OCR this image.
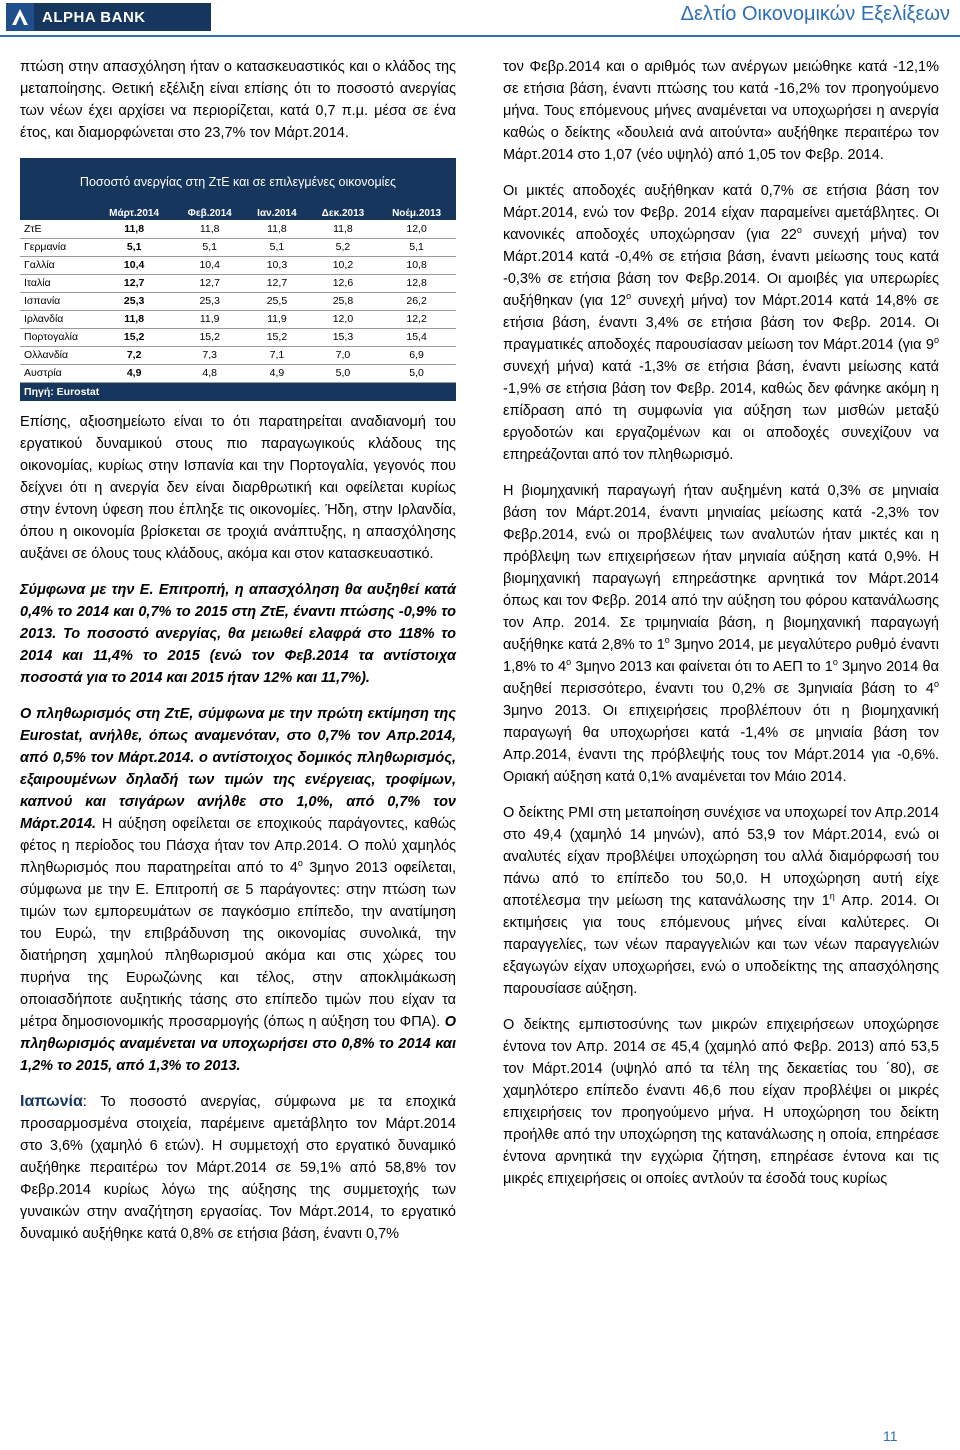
ALPHA BANK	Δελτίο Οικονομικών Εξελίξεων

πτώση στην απασχόληση ήταν ο κατασκευαστικός και ο κλάδος της μεταποίησης. Θετική εξέλιξη είναι επίσης ότι το ποσοστό ανεργίας των νέων έχει αρχίσει να περιορίζεται, κατά 0,7 π.μ. μέσα σε ένα έτος, και διαμορφώνεται στο 23,7% τον Μάρτ.2014.

Ποσοστό ανεργίας στη ΖτΕ και σε επιλεγμένες οικονομίες
	Μάρτ.2014	Φεβ.2014	Ιαν.2014	Δεκ.2013	Νοέμ.2013
ΖτΕ	11,8	11,8	11,8	11,8	12,0
Γερμανία	5,1	5,1	5,1	5,2	5,1
Γαλλία	10,4	10,4	10,3	10,2	10,8
Ιταλία	12,7	12,7	12,7	12,6	12,8
Ισπανία	25,3	25,3	25,5	25,8	26,2
Ιρλανδία	11,8	11,9	11,9	12,0	12,2
Πορτογαλία	15,2	15,2	15,2	15,3	15,4
Ολλανδία	7,2	7,3	7,1	7,0	6,9
Αυστρία	4,9	4,8	4,9	5,0	5,0
Πηγή: Eurostat

Επίσης, αξιοσημείωτο είναι το ότι παρατηρείται αναδιανομή του εργατικού δυναμικού στους πιο παραγωγικούς κλάδους της οικονομίας, κυρίως στην Ισπανία και την Πορτογαλία, γεγονός που δείχνει ότι η ανεργία δεν είναι διαρθρωτική και οφείλεται κυρίως στην έντονη ύφεση που έπληξε τις οικονομίες. Ήδη, στην Ιρλανδία, όπου η οικονομία βρίσκεται σε τροχιά ανάπτυξης, η απασχόλησης αυξάνει σε όλους τους κλάδους, ακόμα και στον κατασκευαστικό.

Σύμφωνα με την Ε. Επιτροπή, η απασχόληση θα αυξηθεί κατά 0,4% το 2014 και 0,7% το 2015 στη ΖτΕ, έναντι πτώσης -0,9% το 2013. Το ποσοστό ανεργίας, θα μειωθεί ελαφρά στο 118% το 2014 και 11,4% το 2015 (ενώ τον Φεβ.2014 τα αντίστοιχα ποσοστά για το 2014 και 2015 ήταν 12% και 11,7%).

Ο πληθωρισμός στη ΖτΕ, σύμφωνα με την πρώτη εκτίμηση της Eurostat, ανήλθε, όπως αναμενόταν, στο 0,7% τον Απρ.2014, από 0,5% τον Μάρτ.2014. ο αντίστοιχος δομικός πληθωρισμός, εξαιρουμένων δηλαδή των τιμών της ενέργειας, τροφίμων, καπνού και τσιγάρων ανήλθε στο 1,0%, από 0,7% τον Μάρτ.2014. Η αύξηση οφείλεται σε εποχικούς παράγοντες, καθώς φέτος η περίοδος του Πάσχα ήταν τον Απρ.2014. Ο πολύ χαμηλός πληθωρισμός που παρατηρείται από το $4^o$ 3μηνο 2013 οφείλεται, σύμφωνα με την Ε. Επιτροπή σε 5 παράγοντες: στην πτώση των τιμών των εμπορευμάτων σε παγκόσμιο επίπεδο, την ανατίμηση του Ευρώ, την επιβράδυνση της οικονομίας συνολικά, την διατήρηση χαμηλού πληθωρισμού ακόμα και στις χώρες του πυρήνα της Ευρωζώνης και τέλος, στην αποκλιμάκωση οποιασδήποτε αυξητικής τάσης στο επίπεδο τιμών που είχαν τα μέτρα δημοσιονομικής προσαρμογής (όπως η αύξηση του ΦΠΑ). Ο πληθωρισμός αναμένεται να υποχωρήσει στο 0,8% το 2014 και 1,2% το 2015, από 1,3% το 2013.

Ιαπωνία: Το ποσοστό ανεργίας, σύμφωνα με τα εποχικά προσαρμοσμένα στοιχεία, παρέμεινε αμετάβλητο τον Μάρτ.2014 στο 3,6% (χαμηλό 6 ετών). Η συμμετοχή στο εργατικό δυναμικό αυξήθηκε περαιτέρω τον Μάρτ.2014 σε 59,1% από 58,8% τον Φεβρ.2014 κυρίως λόγω της αύξησης της συμμετοχής των γυναικών στην αναζήτηση εργασίας. Τον Μάρτ.2014, το εργατικό δυναμικό αυξήθηκε κατά 0,8% σε ετήσια βάση, έναντι 0,7%

τον Φεβρ.2014 και ο αριθμός των ανέργων μειώθηκε κατά -12,1% σε ετήσια βάση, έναντι πτώσης του κατά -16,2% τον προηγούμενο μήνα. Τους επόμενους μήνες αναμένεται να υποχωρήσει η ανεργία καθώς ο δείκτης «δουλειά ανά αιτούντα» αυξήθηκε περαιτέρω τον Μάρτ.2014 στο 1,07 (νέο υψηλό) από 1,05 τον Φεβρ. 2014.

Οι μικτές αποδοχές αυξήθηκαν κατά 0,7% σε ετήσια βάση τον Μάρτ.2014, ενώ τον Φεβρ. 2014 είχαν παραμείνει αμετάβλητες. Οι κανονικές αποδοχές υποχώρησαν (για $22^o$ συνεχή μήνα) τον Μάρτ.2014 κατά -0,4% σε ετήσια βάση, έναντι μείωσης τους κατά -0,3% σε ετήσια βάση τον Φεβρ.2014. Οι αμοιβές για υπερωρίες αυξήθηκαν (για $12^o$ συνεχή μήνα) τον Μάρτ.2014 κατά 14,8% σε ετήσια βάση, έναντι 3,4% σε ετήσια βάση τον Φεβρ. 2014. Οι πραγματικές αποδοχές παρουσίασαν μείωση τον Μάρτ.2014 (για $9^o$ συνεχή μήνα) κατά -1,3% σε ετήσια βάση, έναντι μείωσης κατά -1,9% σε ετήσια βάση τον Φεβρ. 2014, καθώς δεν φάνηκε ακόμη η επίδραση από τη συμφωνία για αύξηση των μισθών μεταξύ εργοδοτών και εργαζομένων και οι αποδοχές συνεχίζουν να επηρεάζονται από τον πληθωρισμό.

Η βιομηχανική παραγωγή ήταν αυξημένη κατά 0,3% σε μηνιαία βάση τον Μάρτ.2014, έναντι μηνιαίας μείωσης κατά -2,3% τον Φεβρ.2014, ενώ οι προβλέψεις των αναλυτών ήταν μικτές και η πρόβλεψη των επιχειρήσεων ήταν μηνιαία αύξηση κατά 0,9%. Η βιομηχανική παραγωγή επηρεάστηκε αρνητικά τον Μάρτ.2014 όπως και τον Φεβρ. 2014 από την αύξηση του φόρου κατανάλωσης τον Απρ. 2014. Σε τριμηνιαία βάση, η βιομηχανική παραγωγή αυξήθηκε κατά 2,8% το $1^o$ 3μηνο 2014, με μεγαλύτερο ρυθμό έναντι 1,8% το $4^o$ 3μηνο 2013 και φαίνεται ότι το ΑΕΠ το $1^o$ 3μηνο 2014 θα αυξηθεί περισσότερο, έναντι του 0,2% σε 3μηνιαία βάση το $4^o$ 3μηνο 2013. Οι επιχειρήσεις προβλέπουν ότι η βιομηχανική παραγωγή θα υποχωρήσει κατά -1,4% σε μηνιαία βάση τον Απρ.2014, έναντι της πρόβλεψής τους τον Μάρτ.2014 για -0,6%. Οριακή αύξηση κατά 0,1% αναμένεται τον Μάιο 2014.

Ο δείκτης PMI στη μεταποίηση συνέχισε να υποχωρεί τον Απρ.2014 στο 49,4 (χαμηλό 14 μηνών), από 53,9 τον Μάρτ.2014, ενώ οι αναλυτές είχαν προβλέψει υποχώρηση του αλλά διαμόρφωσή του πάνω από το επίπεδο του 50,0. Η υποχώρηση αυτή είχε αποτέλεσμα την μείωση της κατανάλωσης την $1^\eta$ Απρ. 2014. Οι εκτιμήσεις για τους επόμενους μήνες είναι καλύτερες. Οι παραγγελίες, των νέων παραγγελιών και των νέων παραγγελιών εξαγωγών είχαν υποχωρήσει, ενώ ο υποδείκτης της απασχόλησης παρουσίασε αύξηση.

Ο δείκτης εμπιστοσύνης των μικρών επιχειρήσεων υποχώρησε έντονα τον Απρ. 2014 σε 45,4 (χαμηλό από Φεβρ. 2013) από 53,5 τον Μάρτ.2014 (υψηλό από τα τέλη της δεκαετίας του ΄80), σε χαμηλότερο επίπεδο έναντι 46,6 που είχαν προβλέψει οι μικρές επιχειρήσεις τον προηγούμενο μήνα. Η υποχώρηση του δείκτη προήλθε από την υποχώρηση της κατανάλωσης η οποία, επηρέασε έντονα αρνητικά την εγχώρια ζήτηση, επηρέασε έντονα και τις μικρές επιχειρήσεις οι οποίες αντλούν τα έσοδά τους κυρίως

11
